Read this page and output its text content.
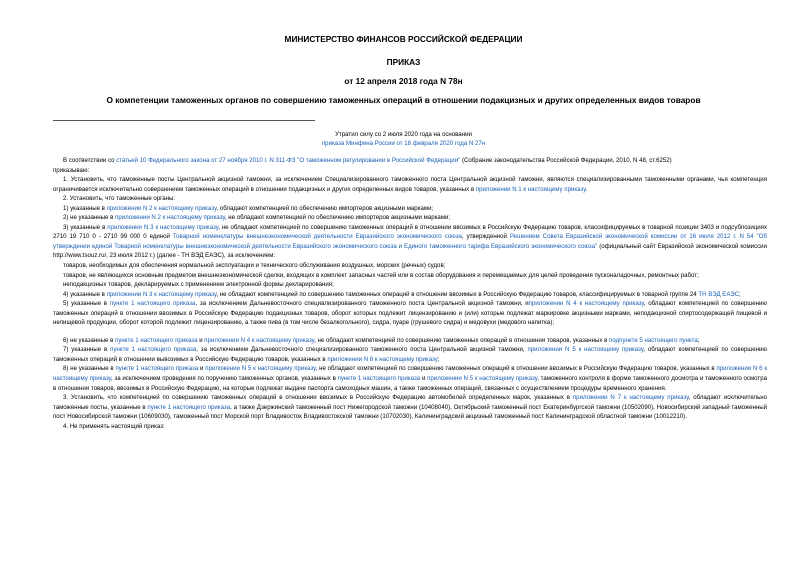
МИНИСТЕРСТВО ФИНАНСОВ РОССИЙСКОЙ ФЕДЕРАЦИИ
ПРИКАЗ
от 12 апреля 2018 года N 78н
О компетенции таможенных органов по совершению таможенных операций в отношении подакцизных и других определенных видов товаров
Утратил силу со 2 июля 2020 года на основании
приказа Минфина России от 18 февраля 2020 года N 27н

В соответствии со статьей 10 Федерального закона от 27 ноября 2010 г. N 311-ФЗ "О таможенном регулировании в Российской Федерации" (Собрание законодательства Российской Федерации, 2010, N 48, ст.6252)

приказываю:

1. Установить, что таможенные посты Центральной акцизной таможни, за исключением Специализированного таможенного поста Центральной акцизной таможни, являются специализированными таможенными органами, чья компетенция ограничивается исключительно совершением таможенных операций в отношении подакцизных и других определенных видов товаров, указанных в приложении N 1 к настоящему приказу.

2. Установить, что таможенные органы:

1) указанные в приложении N 2 к настоящему приказу, обладают компетенцией по обеспечению импортеров акцизными марками;

2) не указанные в приложении N 2 к настоящему приказу, не обладают компетенцией по обеспечению импортеров акцизными марками;

3) указанные в приложении N 3 к настоящему приказу, не обладают компетенцией по совершению таможенных операций в отношении ввозимых в Российскую Федерацию товаров, классифицируемых в товарной позиции 3403 и подсубпозициях 2710 19 710 0 - 2710 99 000 0 единой Товарной номенклатуры внешнеэкономической деятельности Евразийского экономического союза, утвержденной Решением Совета Евразийской экономической комиссии от 16 июля 2012 г. N 54 "Об утверждении единой Товарной номенклатуры внешнеэкономической деятельности Евразийского экономического союза и Единого таможенного тарифа Евразийского экономического союза" (официальный сайт Евразийской экономической комиссии http://www.tsouz.ru/, 23 июля 2012 г.) (далее - ТН ВЭД ЕАЭС), за исключением:

товаров, необходимых для обеспечения нормальной эксплуатации и технического обслуживания воздушных, морских (речных) судов;

товаров, не являющихся основным предметом внешнеэкономической сделки, входящих в комплект запасных частей или в состав оборудования и перемещаемых для целей проведения пусконаладочных, ремонтных работ;

неподакцизных товаров, декларируемых с применением электронной формы декларирования;

4) указанные в приложении N 3 к настоящему приказу, не обладают компетенцией по совершению таможенных операций в отношении ввозимых в Российскую Федерацию товаров, классифицируемых в товарной группе 24 ТН ВЭД ЕАЭС;

5) указанные в пункте 1 настоящего приказа, за исключением Дальневосточного специализированного таможенного поста Центральной акцизной таможни, иприложении N 4 к настоящему приказу, обладают компетенцией по совершению таможенных операций в отношении ввозимых в Российскую Федерацию подакцизных товаров, оборот которых подлежит лицензированию и (или) которые подлежат маркировке акцизными марками, неподакцизной спиртосодержащей пищевой и непищевой продукции, оборот которой подлежит лицензированию, а также пива (в том числе безалкогольного), сидра, пуаре (грушевого сидра) и медовухи (медового напитка);

6) не указанные в пункте 1 настоящего приказа и приложении N 4 к настоящему приказу, не обладают компетенцией по совершению таможенных операций в отношении товаров, указанных в подпункте 5 настоящего пункта;

7) указанные в пункте 1 настоящего приказа, за исключением Дальневосточного специализированного таможенного поста Центральной акцизной таможни, приложении N 5 к настоящему приказу, обладают компетенцией по совершению таможенных операций в отношении вывозимых в Российскую Федерацию товаров, указанных в приложении N 6 к настоящему приказу;

8) не указанные в пункте 1 настоящего приказа и приложении N 5 к настоящему приказу, не обладают компетенцией по совершению таможенных операций в отношении ввозимых в Российскую Федерацию товаров, указанных в приложении N 6 к настоящему приказу, за исключением проведения по поручению таможенных органов, указанных в пункте 1 настоящего приказа и приложении N 5 к настоящему приказу, таможенного контроля в форме таможенного досмотра и таможенного осмотра в отношении товаров, ввозимых в Российскую Федерацию, на которые подлежат выдаче паспорта самоходных машин, а также таможенных операций, связанных с осуществлением процедуры временного хранения.

3. Установить, что компетенцией по совершению таможенных операций в отношении ввозимых в Российскую Федерацию автомобилей определенных марок, указанных в приложении N 7 к настоящему приказу, обладают исключительно таможенные посты, указанные в пункте 1 настоящего приказа, а также Дзержинский таможенный пост Нижегородской таможни (10408040), Октябрьский таможенный пост Екатеринбургской таможни (10502090), Новосибирский западный таможенный пост Новосибирской таможни (10609030), таможенный пост Морской порт Владивосток Владивостокской таможни (10702030), Калининградский акцизный таможенный пост Калининградской областной таможни (10012210).

4. Не применять настоящий приказ:
